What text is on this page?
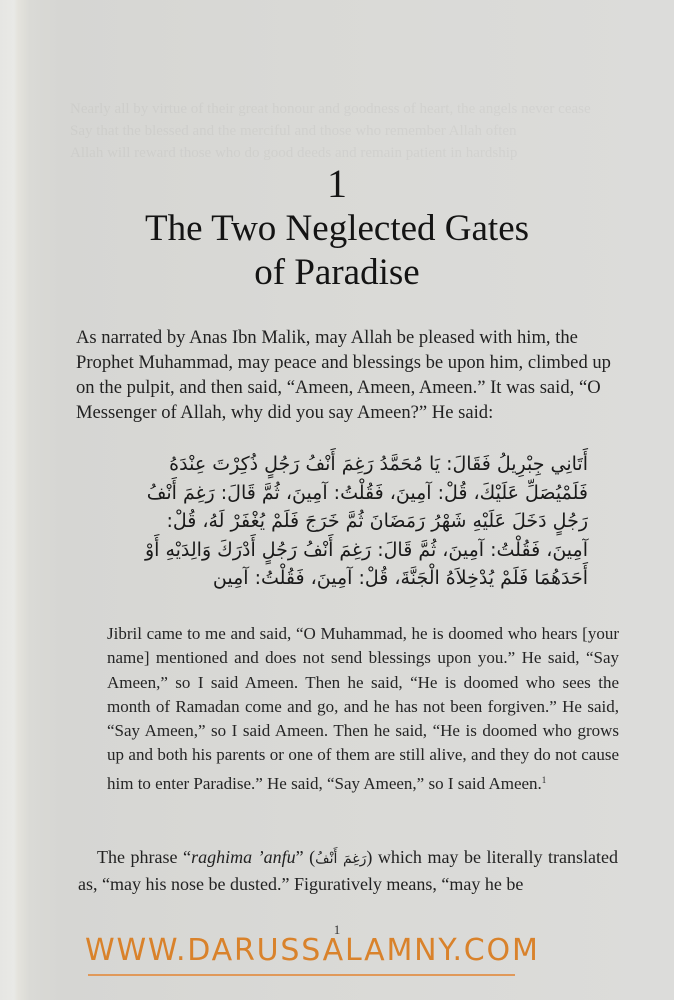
Nearly all by virtue of their great honour and goodness of heart, the angels never cease
Say that the blessed and the merciful and those who remember Allah often
Allah will reward those who do good deeds and remain patient in hardship
1
The Two Neglected Gates
of Paradise

As narrated by Anas Ibn Malik, may Allah be pleased with him, the Prophet Muhammad, may peace and blessings be upon him, climbed up on the pulpit, and then said, “Ameen, Ameen, Ameen.” It was said, “O Messenger of Allah, why did you say Ameen?” He said:

أَتَانِي جِبْرِيلُ فَقَالَ: يَا مُحَمَّدُ رَغِمَ أَنْفُ رَجُلٍ ذُكِرْتَ عِنْدَهُ
فَلَمْيُصَلِّ عَلَيْكَ، قُلْ: آمِينَ، فَقُلْتُ: آمِينَ، ثُمَّ قَالَ: رَغِمَ أَنْفُ
رَجُلٍ دَخَلَ عَلَيْهِ شَهْرُ رَمَضَانَ ثُمَّ خَرَجَ فَلَمْ يُغْفَرْ لَهُ، قُلْ:
آمِينَ، فَقُلْتُ: آمِينَ، ثُمَّ قَالَ: رَغِمَ أَنْفُ رَجُلٍ أَدْرَكَ وَالِدَيْهِ أَوْ
أَحَدَهُمَا فَلَمْ يُدْخِلاَهُ الْجَنَّةَ، قُلْ: آمِينَ، فَقُلْتُ: آمِين

Jibril came to me and said, “O Muhammad, he is doomed who hears [your name] mentioned and does not send blessings upon you.” He said, “Say Ameen,” so I said Ameen. Then he said, “He is doomed who sees the month of Ramadan come and go, and he has not been forgiven.” He said, “Say Ameen,” so I said Ameen. Then he said, “He is doomed who grows up and both his parents or one of them are still alive, and they do not cause him to enter Paradise.” He said, “Say Ameen,” so I said Ameen.$^1$

The phrase “raghima ’anfu” (رَغِمَ أَنْفُ) which may be literally translated as, “may his nose be dusted.” Figuratively means, “may he be

1
WWW.DARUSSALAMNY.COM
